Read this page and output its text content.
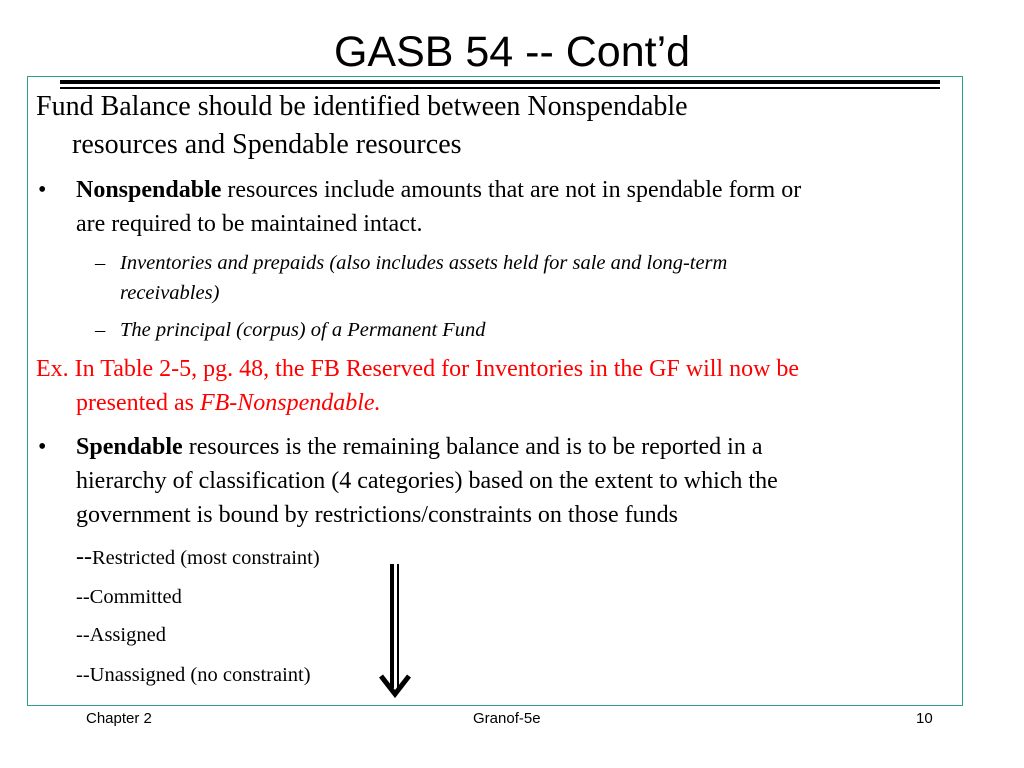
GASB 54 -- Cont’d
Fund Balance should be identified between Nonspendable
resources and Spendable resources
• Nonspendable resources include amounts that are not in spendable form or
are required to be maintained intact.
– Inventories and prepaids (also includes assets held for sale and long-term
receivables)
– The principal (corpus) of a Permanent Fund
Ex. In Table 2-5, pg. 48, the FB Reserved for Inventories in the GF will now be
presented as FB-Nonspendable.
• Spendable resources is the remaining balance and is to be reported in a
hierarchy of classification (4 categories) based on the extent to which the
government is bound by restrictions/constraints on those funds
--Restricted (most constraint)
--Committed
--Assigned
--Unassigned (no constraint)
Chapter 2	Granof-5e	10
